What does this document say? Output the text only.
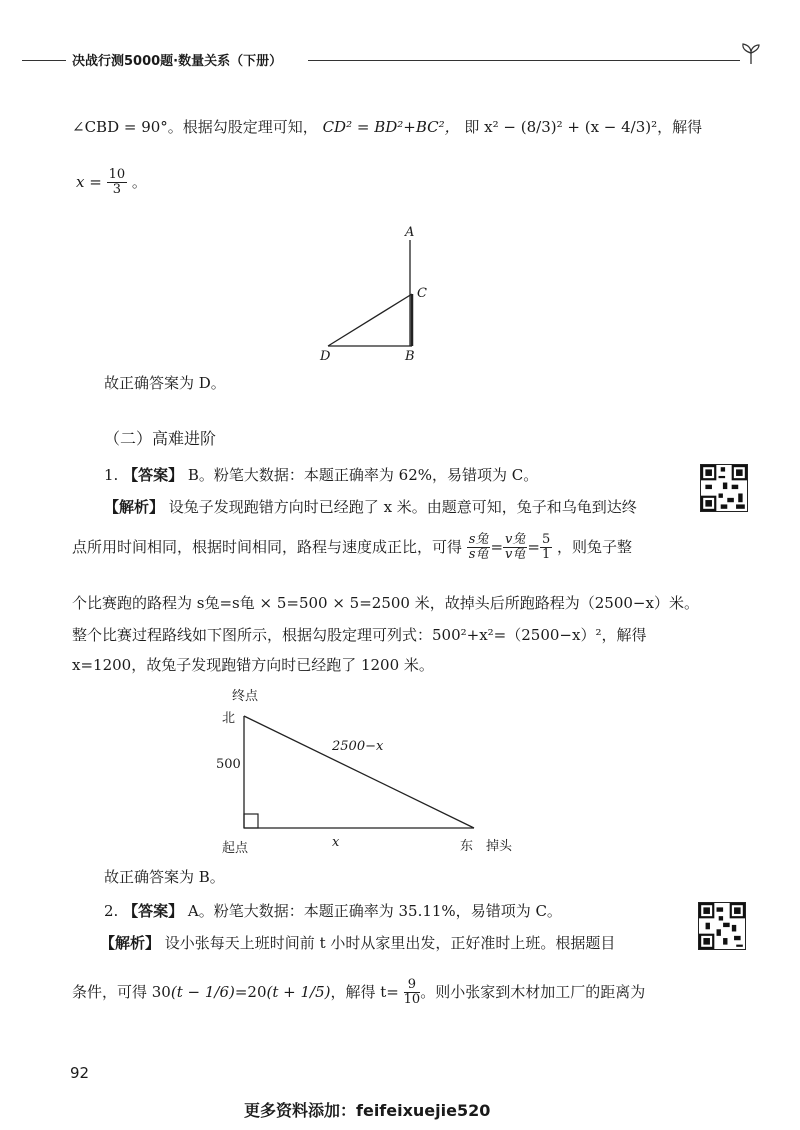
决战行测5000题·数量关系（下册）
∠CBD = 90°。根据勾股定理可知， CD² = BD²+BC²， 即 x² − (8/3)² + (x − 4/3)²，解得
$x = \frac{10}{3}$ 。
A
C
D	B
故正确答案为 D。
（二）高难进阶
1. 【答案】 B。粉笔大数据：本题正确率为 62%，易错项为 C。
【解析】 设兔子发现跑错方向时已经跑了 x 米。由题意可知，兔子和乌龟到达终
点所用时间相同，根据时间相同，路程与速度成正比，可得 $\frac{\text{s兔}}{\text{s龟}} = \frac{\text{v兔}}{\text{v龟}} = \frac{5}{1}$ ，则兔子整
个比赛跑的路程为 s兔=s龟 × 5=500 × 5=2500 米，故掉头后所跑路程为（2500−x）米。
整个比赛过程路线如下图所示，根据勾股定理可列式：500²+x²=（2500−x）²，解得
x=1200，故兔子发现跑错方向时已经跑了 1200 米。
终点
北
500
2500−x
起点	x	东 掉头
故正确答案为 B。
2. 【答案】 A。粉笔大数据：本题正确率为 35.11%，易错项为 C。
【解析】 设小张每天上班时间前 t 小时从家里出发，正好准时上班。根据题目
条件，可得 30(t − 1/6)=20(t + 1/5)，解得 $t= \frac{9}{10}$ 。则小张家到木材加工厂的距离为
92
更多资料添加：feifeixuejie520
